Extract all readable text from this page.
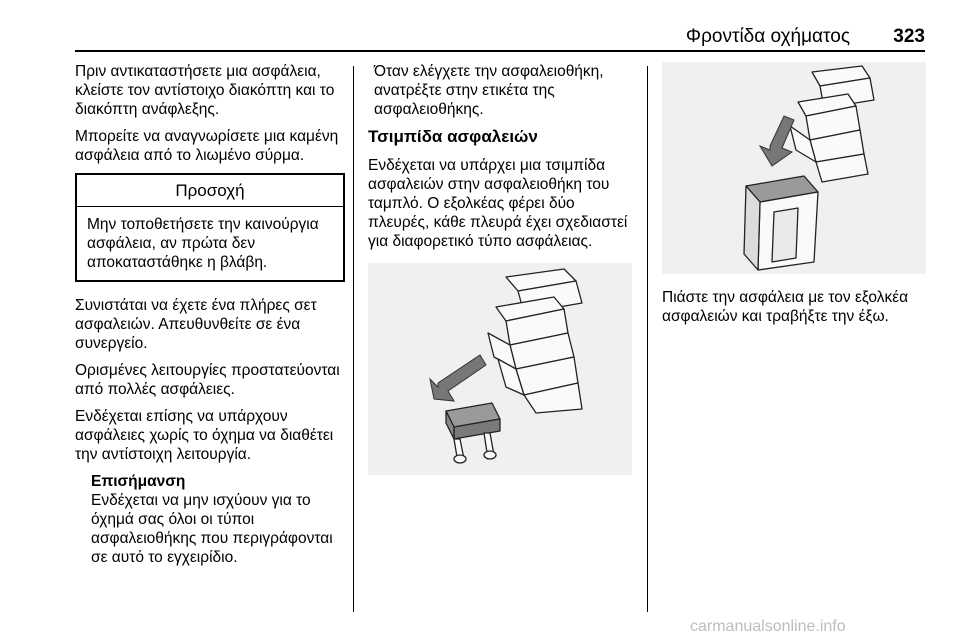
Φροντίδα οχήματος	323

Πριν αντικαταστήσετε μια ασφάλεια, κλείστε τον αντίστοιχο διακόπτη και το διακόπτη ανάφλεξης.

Μπορείτε να αναγνωρίσετε μια καμένη ασφάλεια από το λιωμένο σύρμα.

Προσοχή
Μην τοποθετήσετε την καινούργια ασφάλεια, αν πρώτα δεν αποκαταστάθηκε η βλάβη.

Συνιστάται να έχετε ένα πλήρες σετ ασφαλειών. Απευθυνθείτε σε ένα συνεργείο.

Ορισμένες λειτουργίες προστατεύονται από πολλές ασφάλειες.

Ενδέχεται επίσης να υπάρχουν ασφάλειες χωρίς το όχημα να διαθέτει την αντίστοιχη λειτουργία.

Επισήμανση
Ενδέχεται να μην ισχύουν για το όχημά σας όλοι οι τύποι ασφαλειοθήκης που περιγράφονται σε αυτό το εγχειρίδιο.

Όταν ελέγχετε την ασφαλειοθήκη, ανατρέξτε στην ετικέτα της ασφαλειοθήκης.

Τσιμπίδα ασφαλειών

Ενδέχεται να υπάρχει μια τσιμπίδα ασφαλειών στην ασφαλειοθήκη του ταμπλό. Ο εξολκέας φέρει δύο πλευρές, κάθε πλευρά έχει σχεδιαστεί για διαφορετικό τύπο ασφάλειας.

Πιάστε την ασφάλεια με τον εξολκέα ασφαλειών και τραβήξτε την έξω.

carmanualsonline.info
